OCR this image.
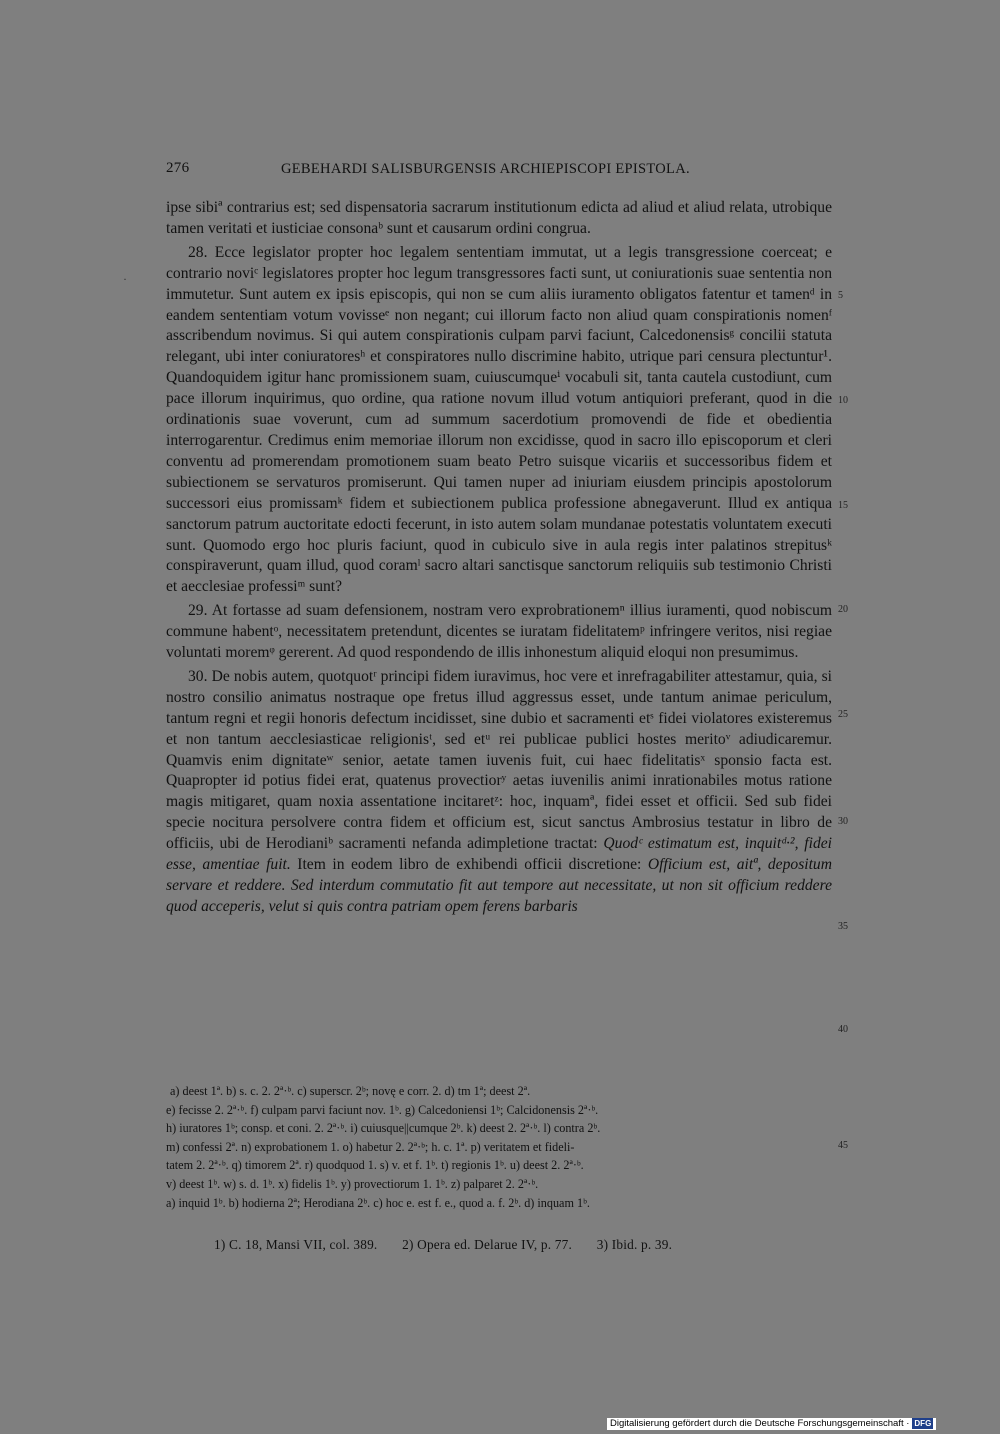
276	GEBEHARDI SALISBURGENSIS ARCHIEPISCOPI EPISTOLA.
·

ipse sibiª contrarius est; sed dispensatoria sacrarum institutionum edicta ad aliud et aliud relata, utrobique tamen veritati et iusticiae consonaᵇ sunt et causarum ordini congrua.

28. Ecce legislator propter hoc legalem sententiam immutat, ut a legis transgressione coerceat; e contrario noviᶜ legislatores propter hoc legum transgressores facti sunt, ut coniurationis suae sententia non immutetur. Sunt autem ex ipsis episcopis, qui non se cum aliis iuramento obligatos fatentur et tamenᵈ in eandem sententiam votum vovisseᵉ non negant; cui illorum facto non aliud quam conspirationis nomenᶠ asscribendum novimus. Si qui autem conspirationis culpam parvi faciunt, Calcedonensisᵍ concilii statuta relegant, ubi inter coniuratoresʰ et conspiratores nullo discrimine habito, utrique pari censura plectuntur¹. Quandoquidem igitur hanc promissionem suam, cuiuscumqueⁱ vocabuli sit, tanta cautela custodiunt, cum pace illorum inquirimus, quo ordine, qua ratione novum illud votum antiquiori preferant, quod in die ordinationis suae voverunt, cum ad summum sacerdotium promovendi de fide et obedientia interrogarentur. Credimus enim memoriae illorum non excidisse, quod in sacro illo episcoporum et cleri conventu ad promerendam promotionem suam beato Petro suisque vicariis et successoribus fidem et subiectionem se servaturos promiserunt. Qui tamen nuper ad iniuriam eiusdem principis apostolorum successori eius promissamᵏ fidem et subiectionem publica professione abnegaverunt. Illud ex antiqua sanctorum patrum auctoritate edocti fecerunt, in isto autem solam mundanae potestatis voluntatem executi sunt. Quomodo ergo hoc pluris faciunt, quod in cubiculo sive in aula regis inter palatinos strepitusᵏ conspiraverunt, quam illud, quod coramˡ sacro altari sanctisque sanctorum reliquiis sub testimonio Christi et aecclesiae professiᵐ sunt?

29. At fortasse ad suam defensionem, nostram vero exprobrationemⁿ illius iuramenti, quod nobiscum commune habentᵒ, necessitatem pretendunt, dicentes se iuratam fidelitatemᵖ infringere veritos, nisi regiae voluntati moremᵠ gererent. Ad quod respondendo de illis inhonestum aliquid eloqui non presumimus.

30. De nobis autem, quotquotʳ principi fidem iuravimus, hoc vere et inrefragabiliter attestamur, quia, si nostro consilio animatus nostraque ope fretus illud aggressus esset, unde tantum animae periculum, tantum regni et regii honoris defectum incidisset, sine dubio et sacramenti etˢ fidei violatores existeremus et non tantum aecclesiasticae religionisᵗ, sed etᵘ rei publicae publici hostes meritoᵛ adiudicaremur. Quamvis enim dignitateʷ senior, aetate tamen iuvenis fuit, cui haec fidelitatisˣ sponsio facta est. Quapropter id potius fidei erat, quatenus provectiorʸ aetas iuvenilis animi inrationabiles motus ratione magis mitigaret, quam noxia assentatione incitaretᶻ: hoc, inquamª, fidei esset et officii. Sed sub fidei specie nocitura persolvere contra fidem et officium est, sicut sanctus Ambrosius testatur in libro de officiis, ubi de Herodianiᵇ sacramenti nefanda adimpletione tractat: Quodᶜ estimatum est, inquitᵈ·², fidei esse, amentiae fuit. Item in eodem libro de exhibendi officii discretione: Officium est, aitª, depositum servare et reddere. Sed interdum commutatio fit aut tempore aut necessitate, ut non sit officium reddere quod acceperis, velut si quis contra patriam opem ferens barbaris

5
10
15
20
25
30
35
40
45
a) deest 1ª. b) s. c. 2. 2ª·ᵇ. c) superscr. 2ᵇ; novę e corr. 2. d) tm 1ª; deest 2ª.
e) fecisse 2. 2ª·ᵇ. f) culpam parvi faciunt nov. 1ᵇ. g) Calcedoniensi 1ᵇ; Calcidonensis 2ª·ᵇ.
h) iuratores 1ᵇ; consp. et coni. 2. 2ª·ᵇ. i) cuiusque||cumque 2ᵇ. k) deest 2. 2ª·ᵇ. l) contra 2ᵇ.
m) confessi 2ª. n) exprobationem 1. o) habetur 2. 2ª·ᵇ; h. c. 1ª. p) veritatem et fideli-
tatem 2. 2ª·ᵇ. q) timorem 2ª. r) quodquod 1. s) v. et f. 1ᵇ. t) regionis 1ᵇ. u) deest 2. 2ª·ᵇ.
v) deest 1ᵇ. w) s. d. 1ᵇ. x) fidelis 1ᵇ. y) provectiorum 1. 1ᵇ. z) palparet 2. 2ª·ᵇ.
a) inquid 1ᵇ. b) hodierna 2ª; Herodiana 2ᵇ. c) hoc e. est f. e., quod a. f. 2ᵇ. d) inquam 1ᵇ.
1) C. 18, Mansi VII, col. 389. 2) Opera ed. Delarue IV, p. 77. 3) Ibid. p. 39.
Digitalisierung gefördert durch die Deutsche Forschungsgemeinschaft · DFG
